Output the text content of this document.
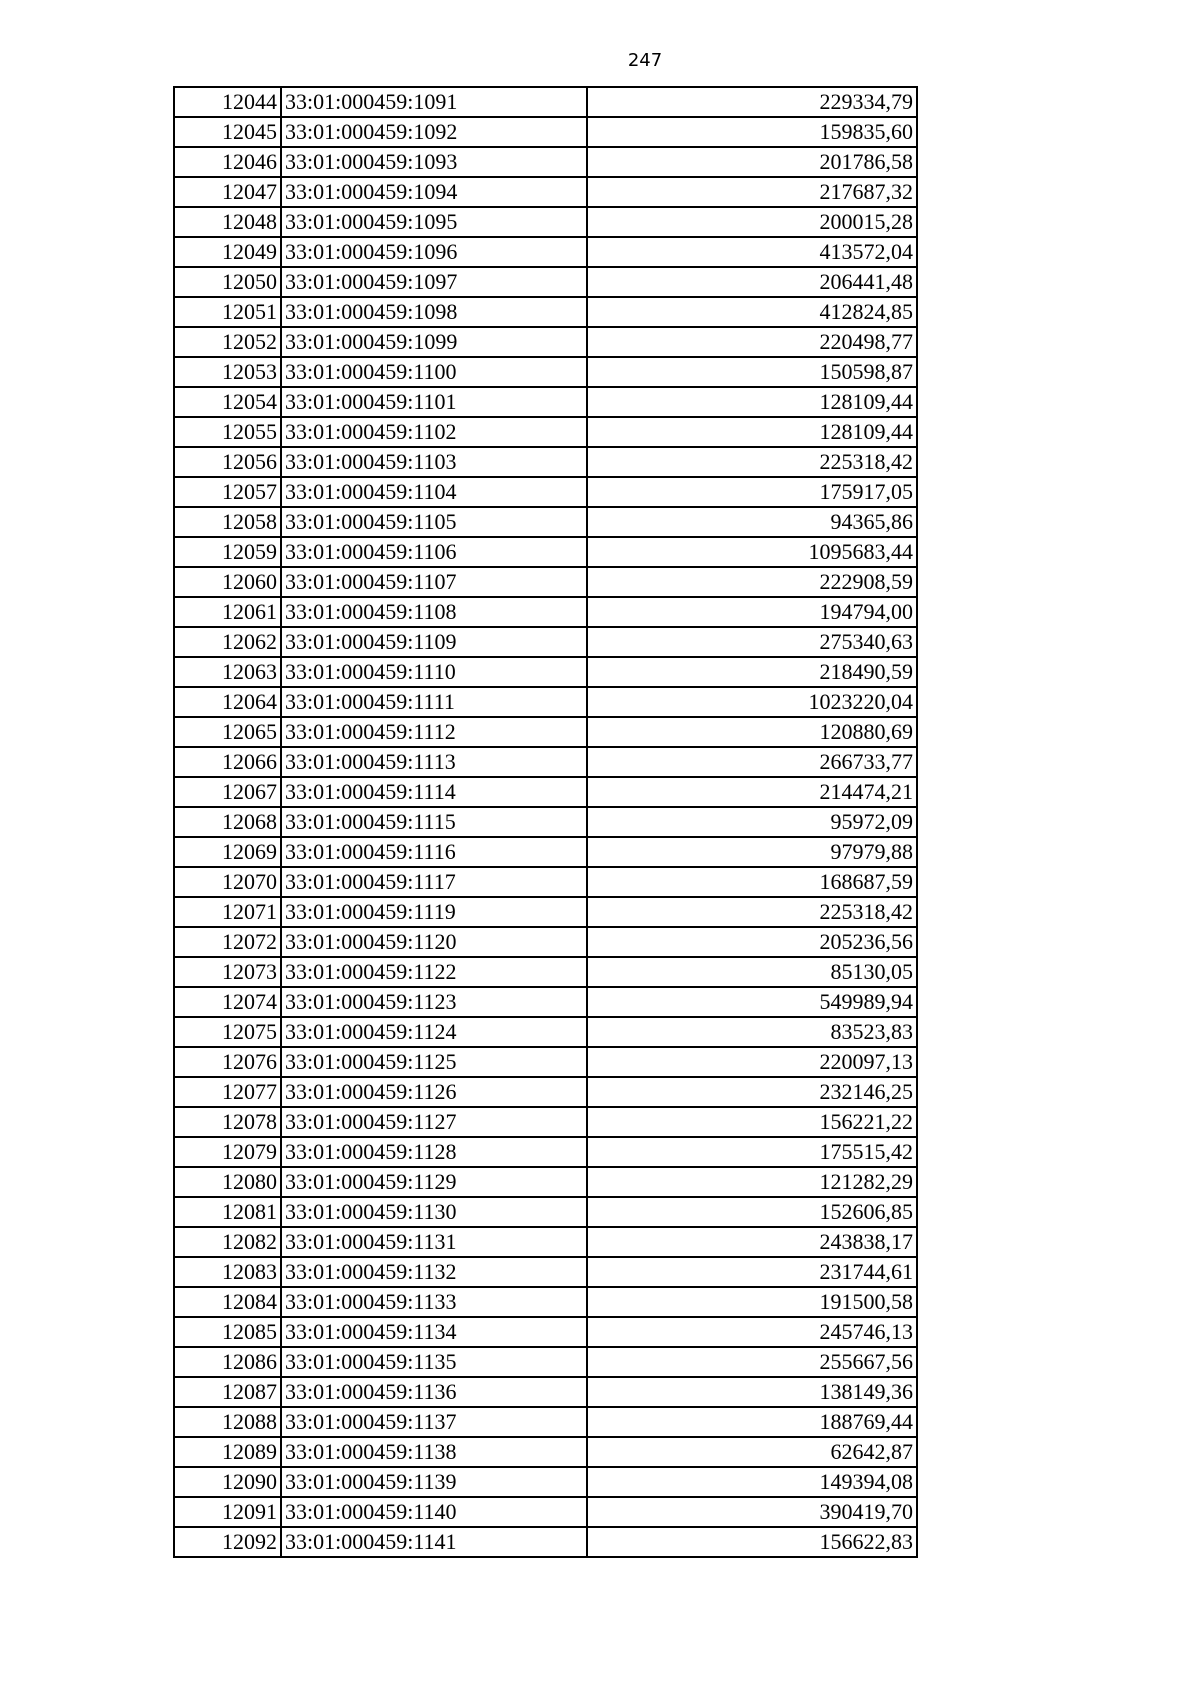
247
12044	33:01:000459:1091	229334,79
12045	33:01:000459:1092	159835,60
12046	33:01:000459:1093	201786,58
12047	33:01:000459:1094	217687,32
12048	33:01:000459:1095	200015,28
12049	33:01:000459:1096	413572,04
12050	33:01:000459:1097	206441,48
12051	33:01:000459:1098	412824,85
12052	33:01:000459:1099	220498,77
12053	33:01:000459:1100	150598,87
12054	33:01:000459:1101	128109,44
12055	33:01:000459:1102	128109,44
12056	33:01:000459:1103	225318,42
12057	33:01:000459:1104	175917,05
12058	33:01:000459:1105	94365,86
12059	33:01:000459:1106	1095683,44
12060	33:01:000459:1107	222908,59
12061	33:01:000459:1108	194794,00
12062	33:01:000459:1109	275340,63
12063	33:01:000459:1110	218490,59
12064	33:01:000459:1111	1023220,04
12065	33:01:000459:1112	120880,69
12066	33:01:000459:1113	266733,77
12067	33:01:000459:1114	214474,21
12068	33:01:000459:1115	95972,09
12069	33:01:000459:1116	97979,88
12070	33:01:000459:1117	168687,59
12071	33:01:000459:1119	225318,42
12072	33:01:000459:1120	205236,56
12073	33:01:000459:1122	85130,05
12074	33:01:000459:1123	549989,94
12075	33:01:000459:1124	83523,83
12076	33:01:000459:1125	220097,13
12077	33:01:000459:1126	232146,25
12078	33:01:000459:1127	156221,22
12079	33:01:000459:1128	175515,42
12080	33:01:000459:1129	121282,29
12081	33:01:000459:1130	152606,85
12082	33:01:000459:1131	243838,17
12083	33:01:000459:1132	231744,61
12084	33:01:000459:1133	191500,58
12085	33:01:000459:1134	245746,13
12086	33:01:000459:1135	255667,56
12087	33:01:000459:1136	138149,36
12088	33:01:000459:1137	188769,44
12089	33:01:000459:1138	62642,87
12090	33:01:000459:1139	149394,08
12091	33:01:000459:1140	390419,70
12092	33:01:000459:1141	156622,83
